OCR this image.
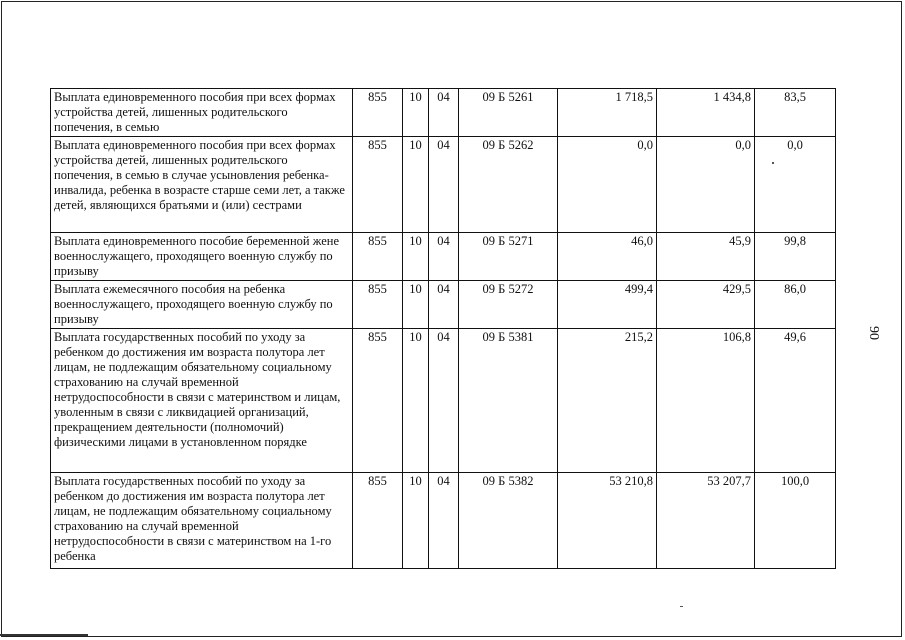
Выплата единовременного пособия при всех формах устройства детей, лишенных родительского попечения, в семью	855	10	04	09 Б 5261	1 718,5	1 434,8	83,5
Выплата единовременного пособия при всех формах устройства детей, лишенных родительского попечения, в семью в случае усыновления ребенка-инвалида, ребенка в возрасте старше семи лет, а также детей, являющихся братьями и (или) сестрами	855	10	04	09 Б 5262	0,0	0,0	0,0
Выплата единовременного пособие беременной жене военнослужащего, проходящего военную службу по призыву	855	10	04	09 Б 5271	46,0	45,9	99,8
Выплата ежемесячного пособия на ребенка военнослужащего, проходящего военную службу по призыву	855	10	04	09 Б 5272	499,4	429,5	86,0
Выплата государственных пособий по уходу за ребенком до достижения им возраста полутора лет лицам, не подлежащим обязательному социальному страхованию на случай временной нетрудоспособности в связи с материнством и лицам, уволенным в связи с ликвидацией организаций, прекращением деятельности (полномочий) физическими лицами в установленном порядке	855	10	04	09 Б 5381	215,2	106,8	49,6
Выплата государственных пособий по уходу за ребенком до достижения им возраста полутора лет лицам, не подлежащим обязательному социальному страхованию на случай временной нетрудоспособности в связи с материнством на 1-го ребенка	855	10	04	09 Б 5382	53 210,8	53 207,7	100,0
90
